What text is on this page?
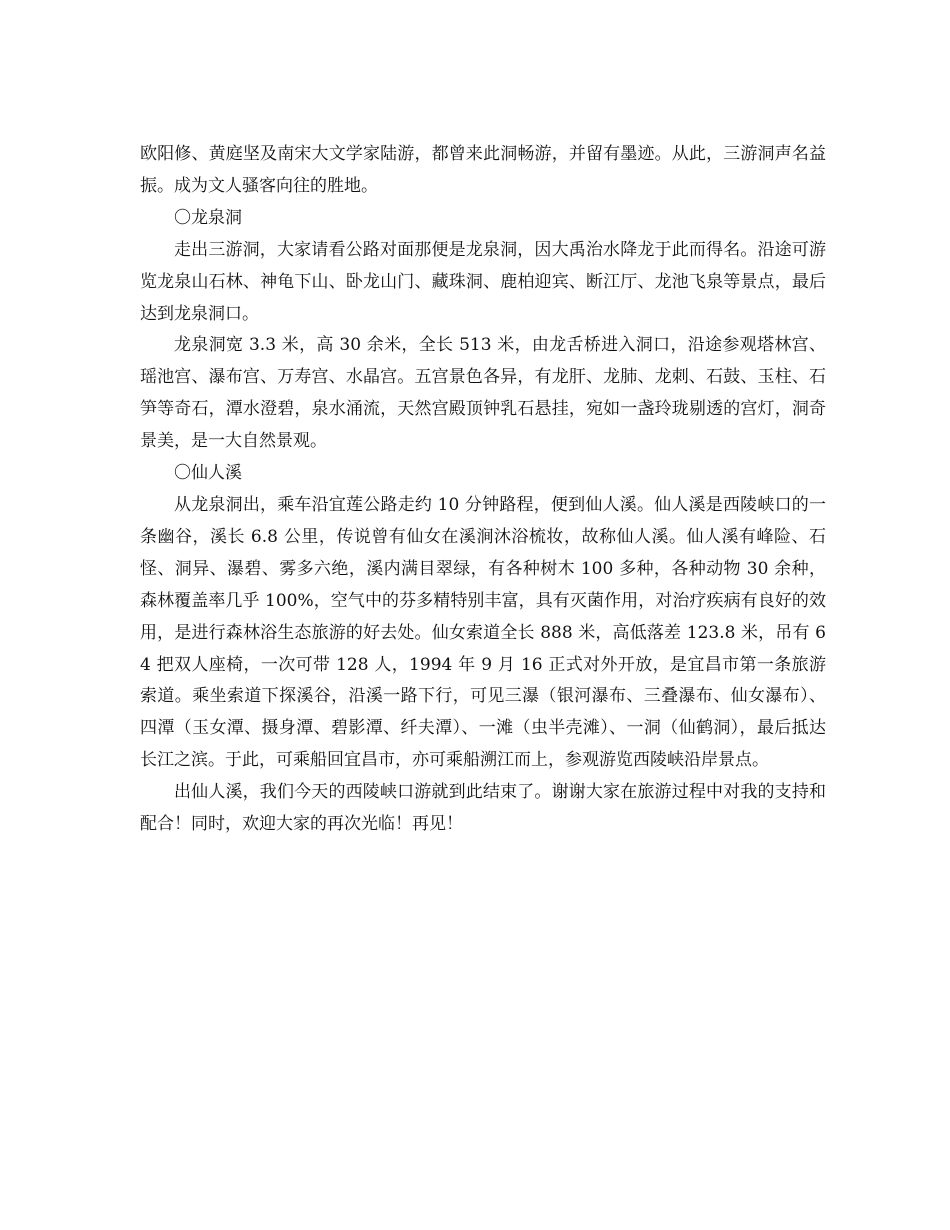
欧阳修、黄庭坚及南宋大文学家陆游，都曾来此洞畅游，并留有墨迹。从此，三游洞声名益振。成为文人骚客向往的胜地。

〇龙泉洞

走出三游洞，大家请看公路对面那便是龙泉洞，因大禹治水降龙于此而得名。沿途可游览龙泉山石林、神龟下山、卧龙山门、藏珠洞、鹿柏迎宾、断江厅、龙池飞泉等景点，最后达到龙泉洞口。

龙泉洞宽 3.3 米，高 30 余米，全长 513 米，由龙舌桥进入洞口，沿途参观塔林宫、瑶池宫、瀑布宫、万寿宫、水晶宫。五宫景色各异，有龙肝、龙肺、龙刺、石鼓、玉柱、石笋等奇石，潭水澄碧，泉水涌流，天然宫殿顶钟乳石悬挂，宛如一盏玲珑剔透的宫灯，洞奇景美，是一大自然景观。

〇仙人溪

从龙泉洞出，乘车沿宜莲公路走约 10 分钟路程，便到仙人溪。仙人溪是西陵峡口的一条幽谷，溪长 6.8 公里，传说曾有仙女在溪涧沐浴梳妆，故称仙人溪。仙人溪有峰险、石怪、洞异、瀑碧、雾多六绝，溪内满目翠绿，有各种树木 100 多种，各种动物 30 余种，森林覆盖率几乎 100%，空气中的芬多精特别丰富，具有灭菌作用，对治疗疾病有良好的效用，是进行森林浴生态旅游的好去处。仙女索道全长 888 米，高低落差 123.8 米，吊有 64 把双人座椅，一次可带 128 人，1994 年 9 月 16 正式对外开放，是宜昌市第一条旅游索道。乘坐索道下探溪谷，沿溪一路下行，可见三瀑（银河瀑布、三叠瀑布、仙女瀑布）、四潭（玉女潭、摄身潭、碧影潭、纤夫潭）、一滩（虫半壳滩）、一洞（仙鹤洞），最后抵达长江之滨。于此，可乘船回宜昌市，亦可乘船溯江而上，参观游览西陵峡沿岸景点。

出仙人溪，我们今天的西陵峡口游就到此结束了。谢谢大家在旅游过程中对我的支持和配合！同时，欢迎大家的再次光临！再见！
